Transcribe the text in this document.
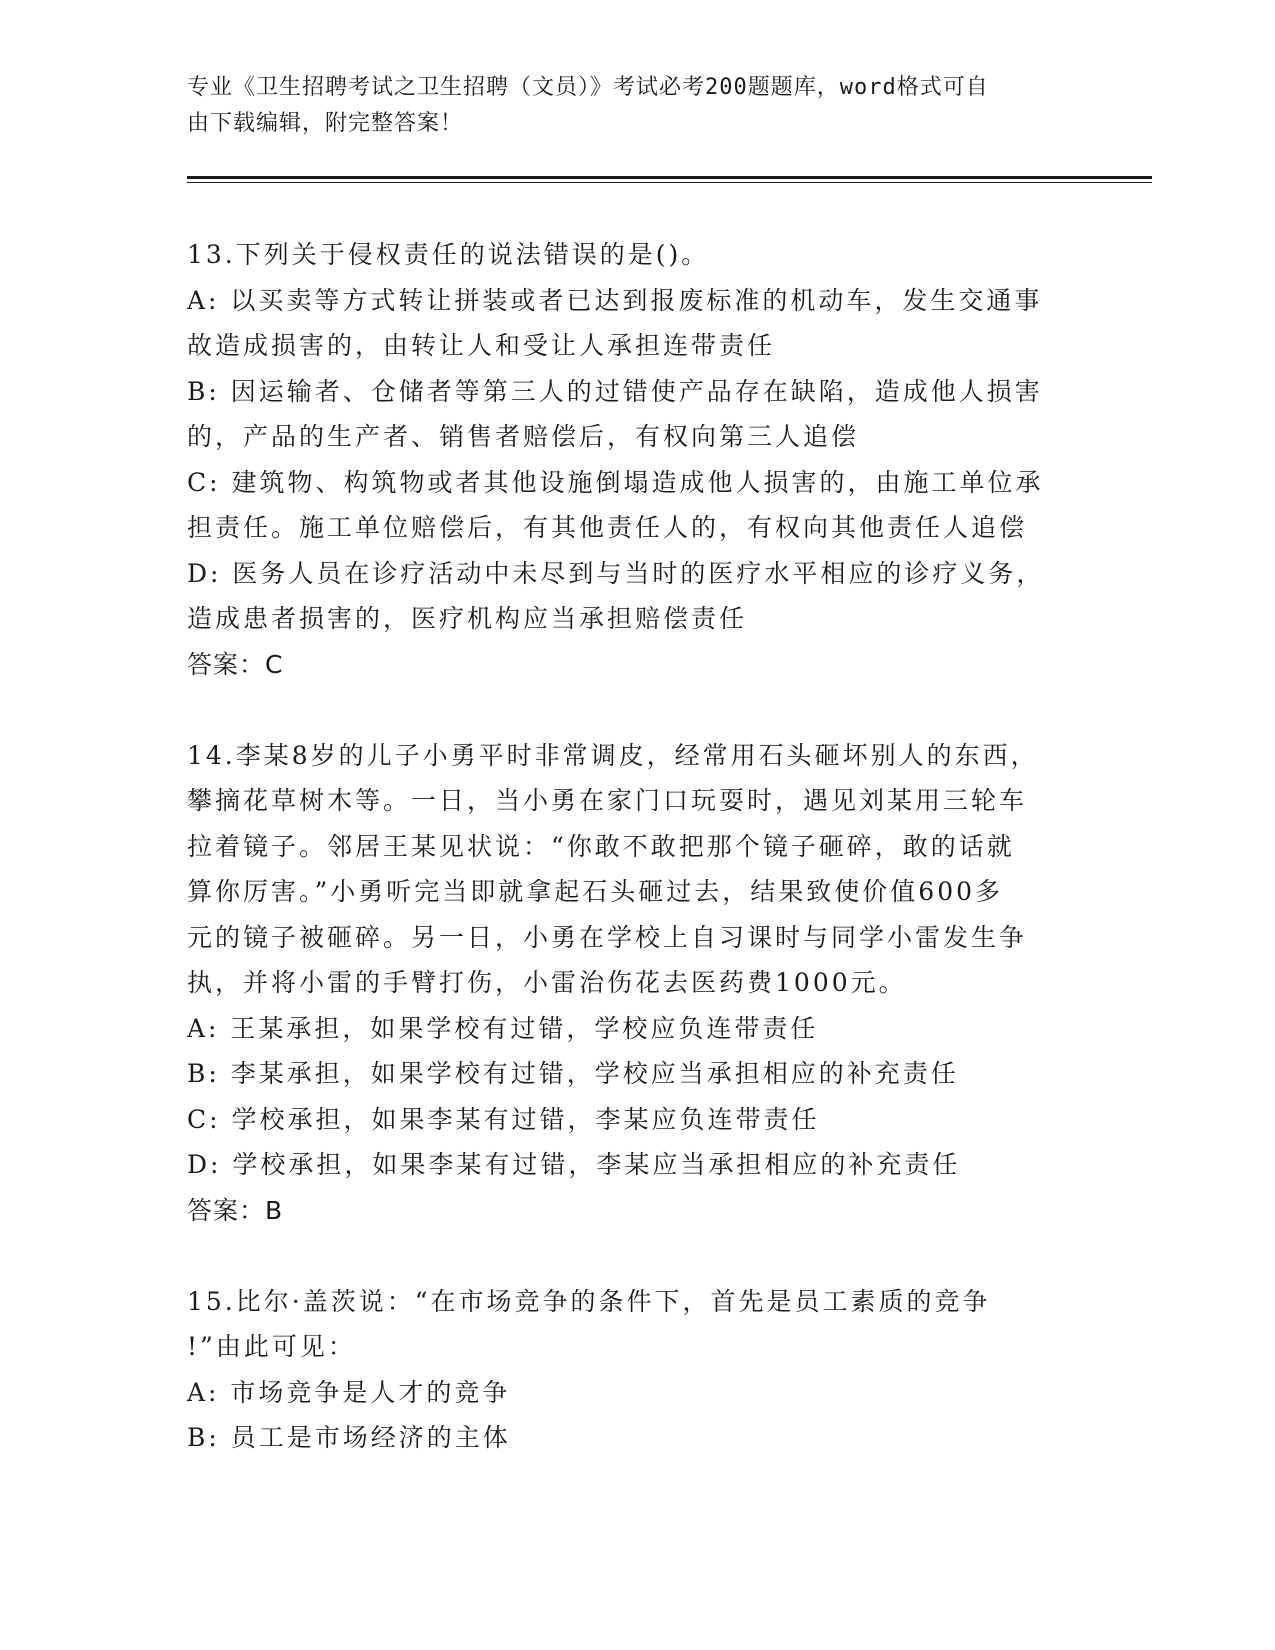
专业《卫生招聘考试之卫生招聘（文员）》考试必考200题题库，word格式可自
由下载编辑，附完整答案！
13.下列关于侵权责任的说法错误的是()。
A: 以买卖等方式转让拼装或者已达到报废标准的机动车，发生交通事
故造成损害的，由转让人和受让人承担连带责任
B: 因运输者、仓储者等第三人的过错使产品存在缺陷，造成他人损害
的，产品的生产者、销售者赔偿后，有权向第三人追偿
C: 建筑物、构筑物或者其他设施倒塌造成他人损害的，由施工单位承
担责任。施工单位赔偿后，有其他责任人的，有权向其他责任人追偿
D: 医务人员在诊疗活动中未尽到与当时的医疗水平相应的诊疗义务，
造成患者损害的，医疗机构应当承担赔偿责任
答案：C
14.李某8岁的儿子小勇平时非常调皮，经常用石头砸坏别人的东西，
攀摘花草树木等。一日，当小勇在家门口玩耍时，遇见刘某用三轮车
拉着镜子。邻居王某见状说：“你敢不敢把那个镜子砸碎，敢的话就
算你厉害。”小勇听完当即就拿起石头砸过去，结果致使价值600多
元的镜子被砸碎。另一日，小勇在学校上自习课时与同学小雷发生争
执，并将小雷的手臂打伤，小雷治伤花去医药费1000元。
A: 王某承担，如果学校有过错，学校应负连带责任
B: 李某承担，如果学校有过错，学校应当承担相应的补充责任
C: 学校承担，如果李某有过错，李某应负连带责任
D: 学校承担，如果李某有过错，李某应当承担相应的补充责任
答案：B
15.比尔·盖茨说：“在市场竞争的条件下，首先是员工素质的竞争
!”由此可见：
A: 市场竞争是人才的竞争
B: 员工是市场经济的主体
